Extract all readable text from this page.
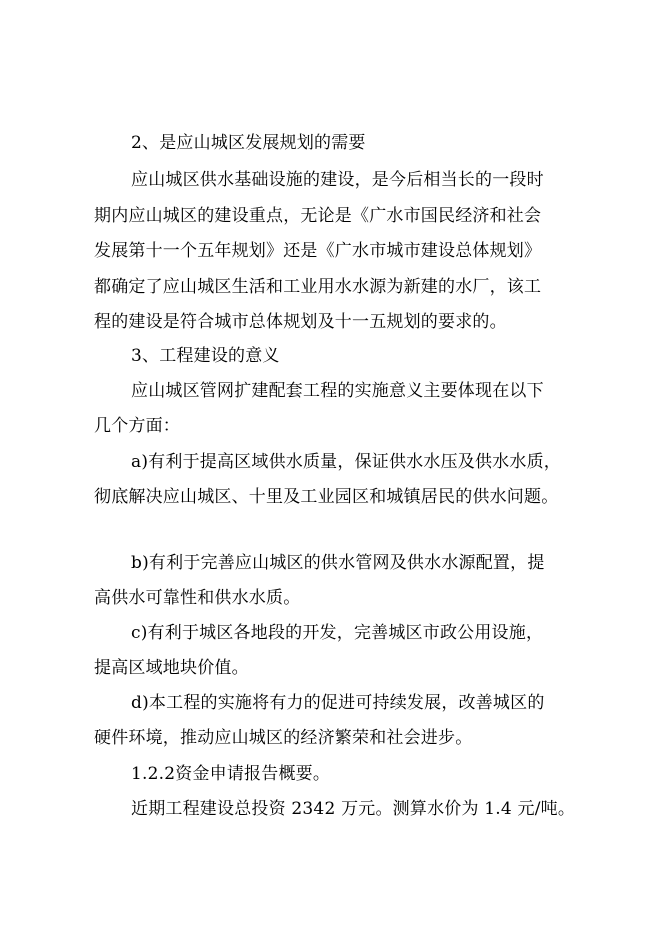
2、是应山城区发展规划的需要
应山城区供水基础设施的建设，是今后相当长的一段时
期内应山城区的建设重点，无论是《广水市国民经济和社会
发展第十一个五年规划》还是《广水市城市建设总体规划》
都确定了应山城区生活和工业用水水源为新建的水厂，该工
程的建设是符合城市总体规划及十一五规划的要求的。
3、工程建设的意义
应山城区管网扩建配套工程的实施意义主要体现在以下
几个方面：
a)有利于提高区域供水质量，保证供水水压及供水水质，
彻底解决应山城区、十里及工业园区和城镇居民的供水问题。
b)有利于完善应山城区的供水管网及供水水源配置，提
高供水可靠性和供水水质。
c)有利于城区各地段的开发，完善城区市政公用设施，
提高区域地块价值。
d)本工程的实施将有力的促进可持续发展，改善城区的
硬件环境，推动应山城区的经济繁荣和社会进步。
1.2.2资金申请报告概要。
近期工程建设总投资 2342 万元。测算水价为 1.4 元/吨。
